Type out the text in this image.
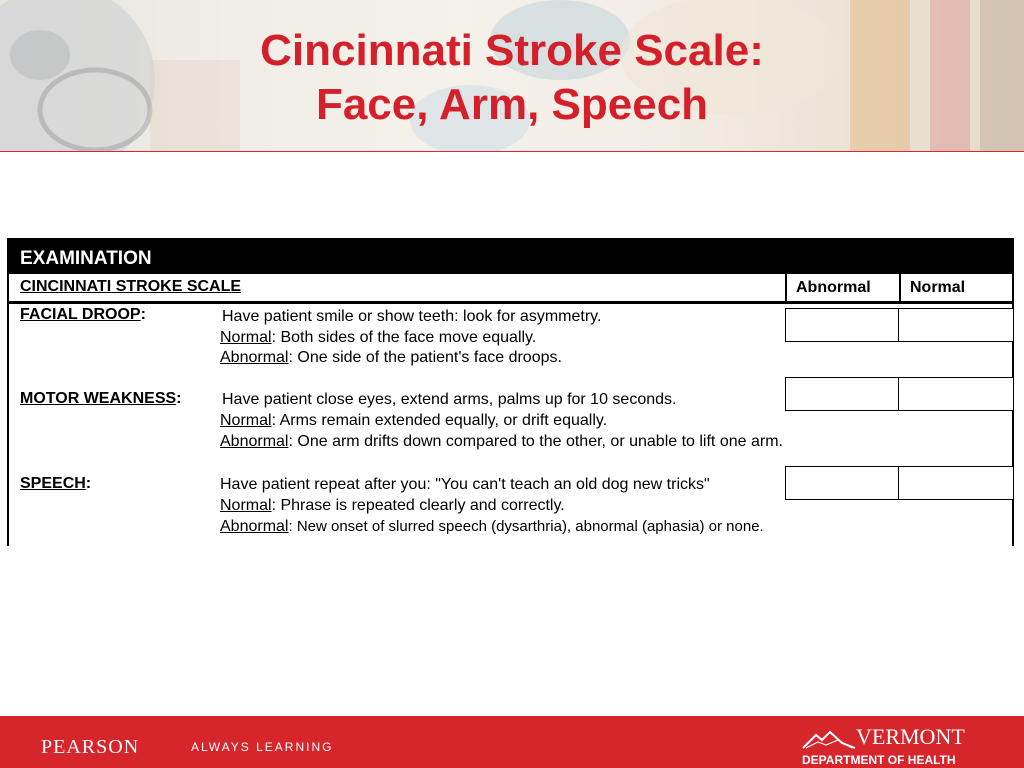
Cincinnati Stroke Scale:
Face, Arm, Speech
EXAMINATION
CINCINNATI STROKE SCALE	Abnormal	Normal
FACIAL DROOP:	Have patient smile or show teeth: look for asymmetry.
Normal: Both sides of the face move equally.
Abnormal: One side of the patient's face droops.
MOTOR WEAKNESS:	Have patient close eyes, extend arms, palms up for 10 seconds.
Normal: Arms remain extended equally, or drift equally.
Abnormal: One arm drifts down compared to the other, or unable to lift one arm.
SPEECH:	Have patient repeat after you: "You can't teach an old dog new tricks"
Normal: Phrase is repeated clearly and correctly.
Abnormal: New onset of slurred speech (dysarthria), abnormal (aphasia) or none.
PEARSON	ALWAYS LEARNING	VERMONT
DEPARTMENT OF HEALTH
